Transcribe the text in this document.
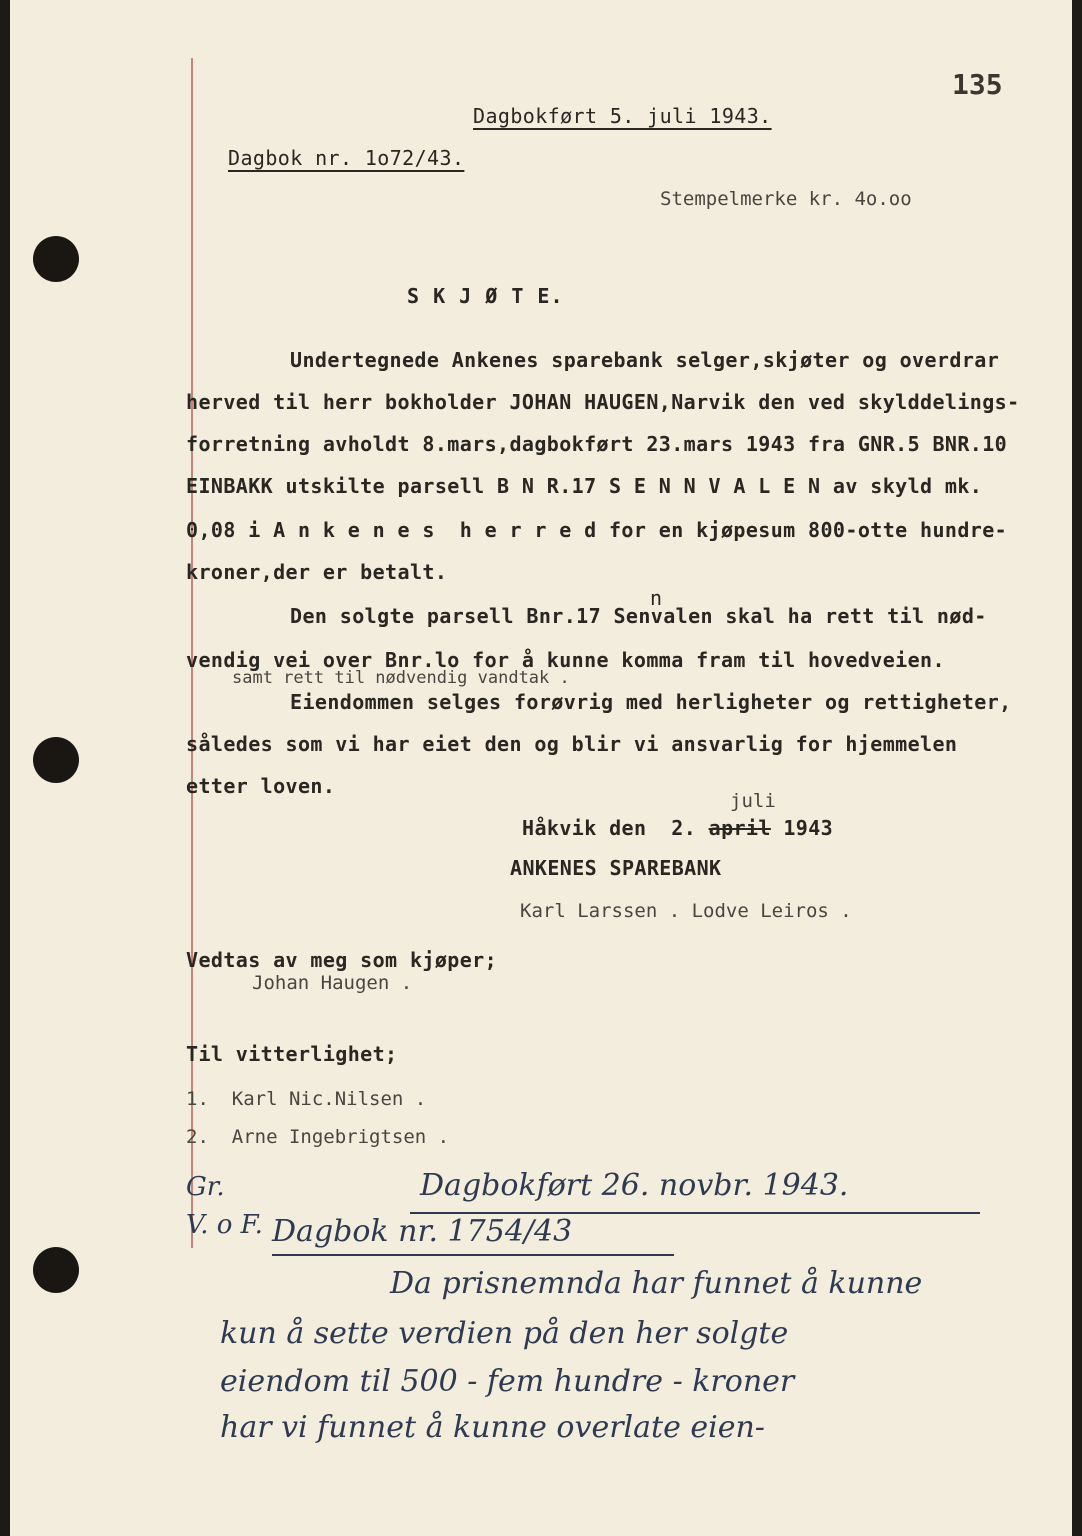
135
Dagbokført 5. juli 1943.
Dagbok nr. 1o72/43.
Stempelmerke kr. 4o.oo
S K J Ø T E.
Undertegnede Ankenes sparebank selger,skjøter og overdrar
herved til herr bokholder JOHAN HAUGEN,Narvik den ved skylddelings-
forretning avholdt 8.mars,dagbokført 23.mars 1943 fra GNR.5 BNR.10
EINBAKK utskilte parsell B N R.17 S E N N V A L E N av skyld mk.
0,08 i A n k e n e s  h e r r e d for en kjøpesum 800-otte hundre-
kroner,der er betalt.
n
Den solgte parsell Bnr.17 Senvalen skal ha rett til nød-
vendig vei over Bnr.lo for å kunne komma fram til hovedveien.
samt rett til nødvendig vandtak .
Eiendommen selges forøvrig med herligheter og rettigheter,
således som vi har eiet den og blir vi ansvarlig for hjemmelen
etter loven.
juli
Håkvik den  2. april 1943
ANKENES SPAREBANK
Karl Larssen . Lodve Leiros .
Vedtas av meg som kjøper;
Johan Haugen .
Til vitterlighet;
1.  Karl Nic.Nilsen .
2.  Arne Ingebrigtsen .
Gr.
V. o F.
Dagbokført 26. novbr. 1943.
Dagbok nr. 1754/43
Da prisnemnda har funnet å kunne
kun å sette verdien på den her solgte
eiendom til 500 - fem hundre - kroner
har vi funnet å kunne overlate eien-
